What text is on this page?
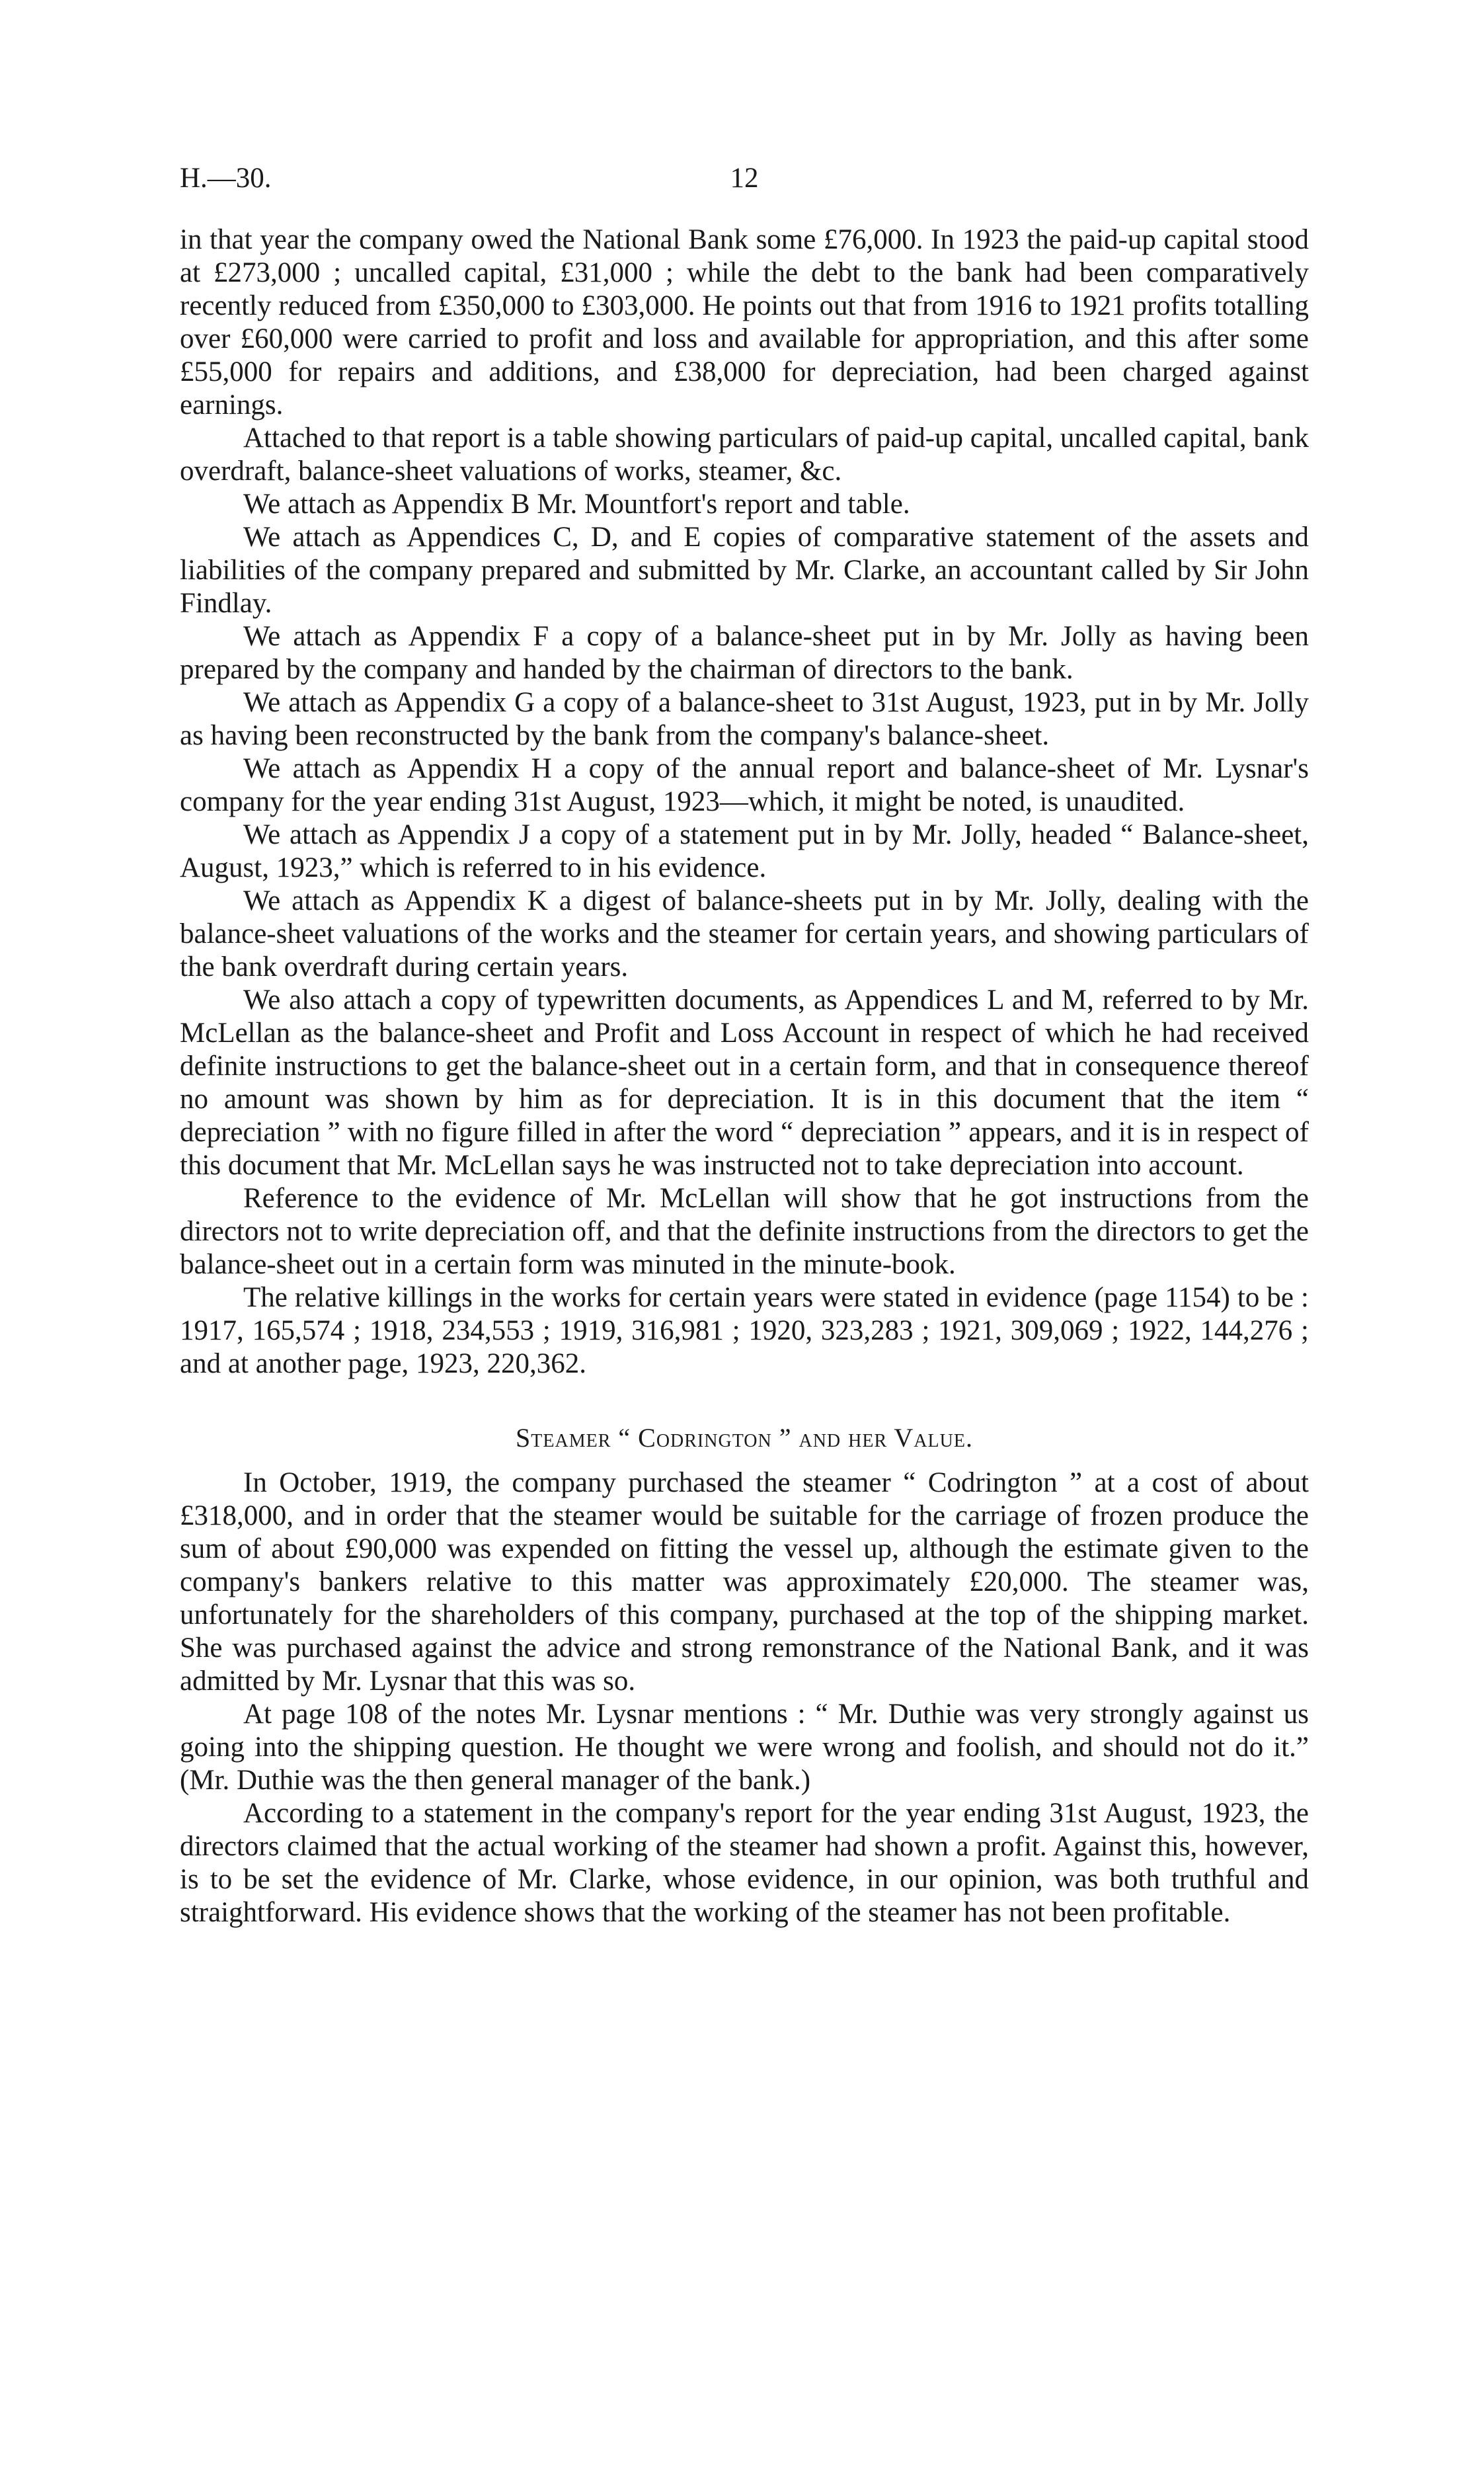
H.—30.	12

in that year the company owed the National Bank some £76,000. In 1923 the paid-up capital stood at £273,000 ; uncalled capital, £31,000 ; while the debt to the bank had been comparatively recently reduced from £350,000 to £303,000. He points out that from 1916 to 1921 profits totalling over £60,000 were carried to profit and loss and available for appropriation, and this after some £55,000 for repairs and additions, and £38,000 for depreciation, had been charged against earnings.

Attached to that report is a table showing particulars of paid-up capital, uncalled capital, bank overdraft, balance-sheet valuations of works, steamer, &c.

We attach as Appendix B Mr. Mountfort's report and table.

We attach as Appendices C, D, and E copies of comparative statement of the assets and liabilities of the company prepared and submitted by Mr. Clarke, an accountant called by Sir John Findlay.

We attach as Appendix F a copy of a balance-sheet put in by Mr. Jolly as having been prepared by the company and handed by the chairman of directors to the bank.

We attach as Appendix G a copy of a balance-sheet to 31st August, 1923, put in by Mr. Jolly as having been reconstructed by the bank from the company's balance-sheet.

We attach as Appendix H a copy of the annual report and balance-sheet of Mr. Lysnar's company for the year ending 31st August, 1923—which, it might be noted, is unaudited.

We attach as Appendix J a copy of a statement put in by Mr. Jolly, headed “ Balance-sheet, August, 1923,” which is referred to in his evidence.

We attach as Appendix K a digest of balance-sheets put in by Mr. Jolly, dealing with the balance-sheet valuations of the works and the steamer for certain years, and showing particulars of the bank overdraft during certain years.

We also attach a copy of typewritten documents, as Appendices L and M, referred to by Mr. McLellan as the balance-sheet and Profit and Loss Account in respect of which he had received definite instructions to get the balance-sheet out in a certain form, and that in consequence thereof no amount was shown by him as for depreciation. It is in this document that the item “ depreciation ” with no figure filled in after the word “ depreciation ” appears, and it is in respect of this document that Mr. McLellan says he was instructed not to take depreciation into account.

Reference to the evidence of Mr. McLellan will show that he got instructions from the directors not to write depreciation off, and that the definite instructions from the directors to get the balance-sheet out in a certain form was minuted in the minute-book.

The relative killings in the works for certain years were stated in evidence (page 1154) to be : 1917, 165,574 ; 1918, 234,553 ; 1919, 316,981 ; 1920, 323,283 ; 1921, 309,069 ; 1922, 144,276 ; and at another page, 1923, 220,362.

Steamer “ Codrington ” and her Value.

In October, 1919, the company purchased the steamer “ Codrington ” at a cost of about £318,000, and in order that the steamer would be suitable for the carriage of frozen produce the sum of about £90,000 was expended on fitting the vessel up, although the estimate given to the company's bankers relative to this matter was approximately £20,000. The steamer was, unfortunately for the shareholders of this company, purchased at the top of the shipping market. She was purchased against the advice and strong remonstrance of the National Bank, and it was admitted by Mr. Lysnar that this was so.

At page 108 of the notes Mr. Lysnar mentions : “ Mr. Duthie was very strongly against us going into the shipping question. He thought we were wrong and foolish, and should not do it.” (Mr. Duthie was the then general manager of the bank.)

According to a statement in the company's report for the year ending 31st August, 1923, the directors claimed that the actual working of the steamer had shown a profit. Against this, however, is to be set the evidence of Mr. Clarke, whose evidence, in our opinion, was both truthful and straightforward. His evidence shows that the working of the steamer has not been profitable.
